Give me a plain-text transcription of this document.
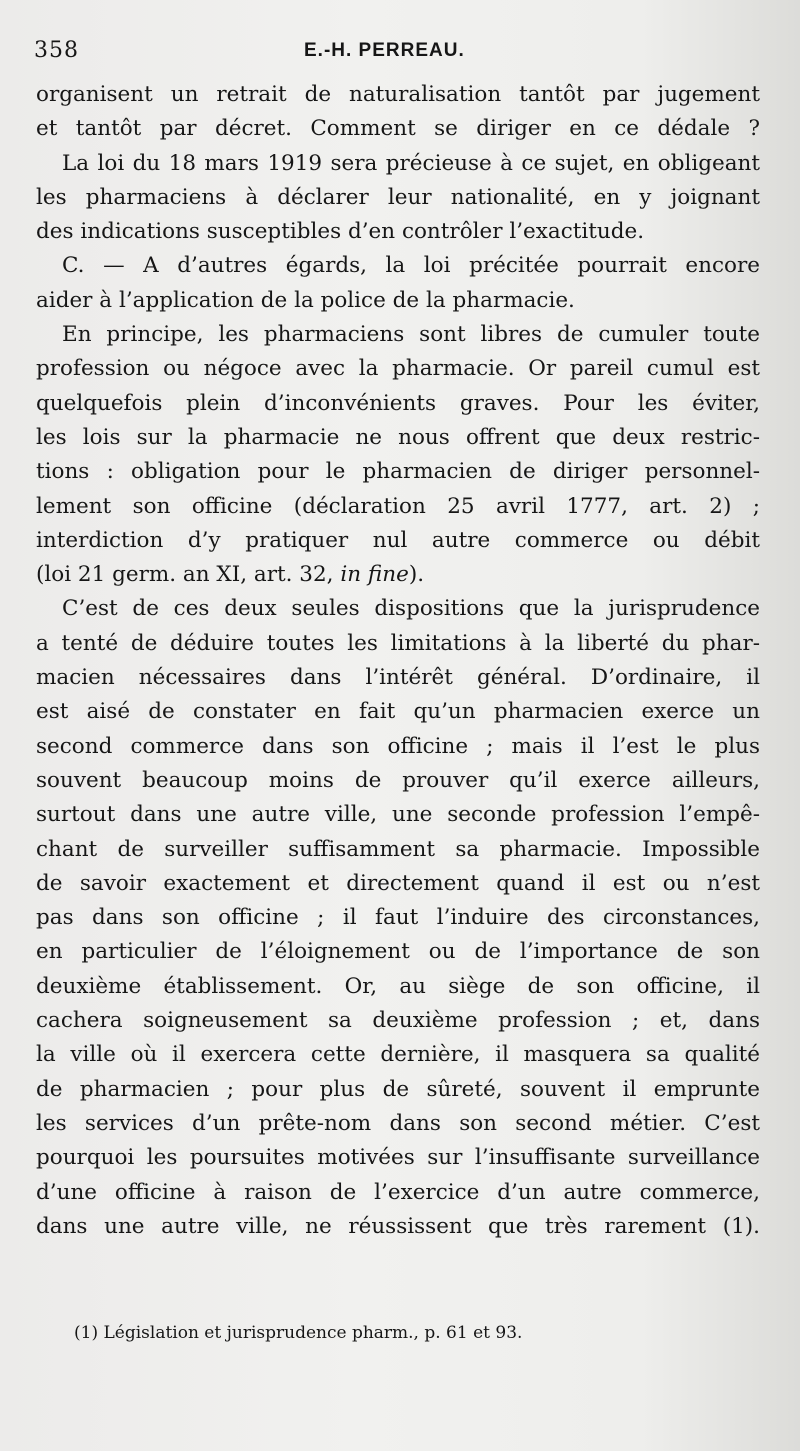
358	E.-H. PERREAU.
organisent un retrait de naturalisation tantôt par jugement
et tantôt par décret. Comment se diriger en ce dédale ?
La loi du 18 mars 1919 sera précieuse à ce sujet, en obligeant
les pharmaciens à déclarer leur nationalité, en y joignant
des indications susceptibles d’en contrôler l’exactitude.
C. — A d’autres égards, la loi précitée pourrait encore
aider à l’application de la police de la pharmacie.
En principe, les pharmaciens sont libres de cumuler toute
profession ou négoce avec la pharmacie. Or pareil cumul est
quelquefois plein d’inconvénients graves. Pour les éviter,
les lois sur la pharmacie ne nous offrent que deux restric-
tions : obligation pour le pharmacien de diriger personnel-
lement son officine (déclaration 25 avril 1777, art. 2) ;
interdiction d’y pratiquer nul autre commerce ou débit
(loi 21 germ. an XI, art. 32, in fine).
C’est de ces deux seules dispositions que la jurisprudence
a tenté de déduire toutes les limitations à la liberté du phar-
macien nécessaires dans l’intérêt général. D’ordinaire, il
est aisé de constater en fait qu’un pharmacien exerce un
second commerce dans son officine ; mais il l’est le plus
souvent beaucoup moins de prouver qu’il exerce ailleurs,
surtout dans une autre ville, une seconde profession l’empê-
chant de surveiller suffisamment sa pharmacie. Impossible
de savoir exactement et directement quand il est ou n’est
pas dans son officine ; il faut l’induire des circonstances,
en particulier de l’éloignement ou de l’importance de son
deuxième établissement. Or, au siège de son officine, il
cachera soigneusement sa deuxième profession ; et, dans
la ville où il exercera cette dernière, il masquera sa qualité
de pharmacien ; pour plus de sûreté, souvent il emprunte
les services d’un prête-nom dans son second métier. C’est
pourquoi les poursuites motivées sur l’insuffisante surveillance
d’une officine à raison de l’exercice d’un autre commerce,
dans une autre ville, ne réussissent que très rarement (1).
(1) Législation et jurisprudence pharm., p. 61 et 93.
